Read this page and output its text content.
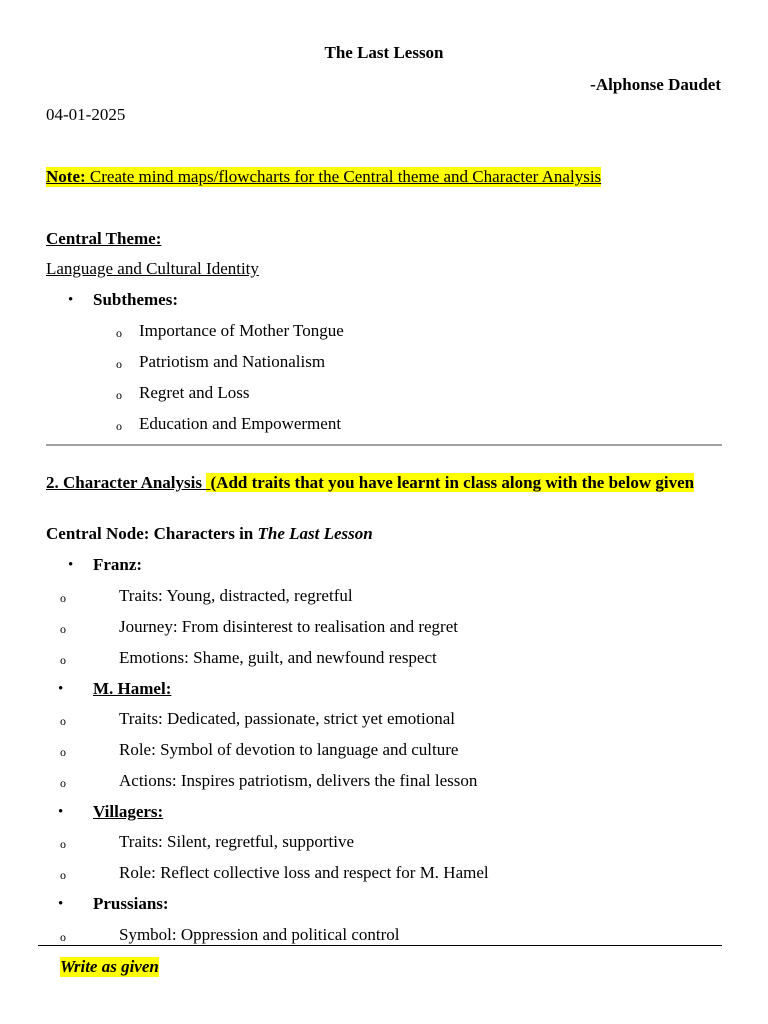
The Last Lesson
-Alphonse Daudet
04-01-2025
Note: Create mind maps/flowcharts for the Central theme and Character Analysis
Central Theme:
Language and Cultural Identity
• Subthemes:
o Importance of Mother Tongue
o Patriotism and Nationalism
o Regret and Loss
o Education and Empowerment
2. Character Analysis  (Add traits that you have learnt in class along with the below given
Central Node: Characters in The Last Lesson
• Franz:
o	Traits: Young, distracted, regretful
o	Journey: From disinterest to realisation and regret
o	Emotions: Shame, guilt, and newfound respect
• M. Hamel:
o	Traits: Dedicated, passionate, strict yet emotional
o	Role: Symbol of devotion to language and culture
o	Actions: Inspires patriotism, delivers the final lesson
• Villagers:
o	Traits: Silent, regretful, supportive
o	Role: Reflect collective loss and respect for M. Hamel
• Prussians:
o	Symbol: Oppression and political control
Write as given
